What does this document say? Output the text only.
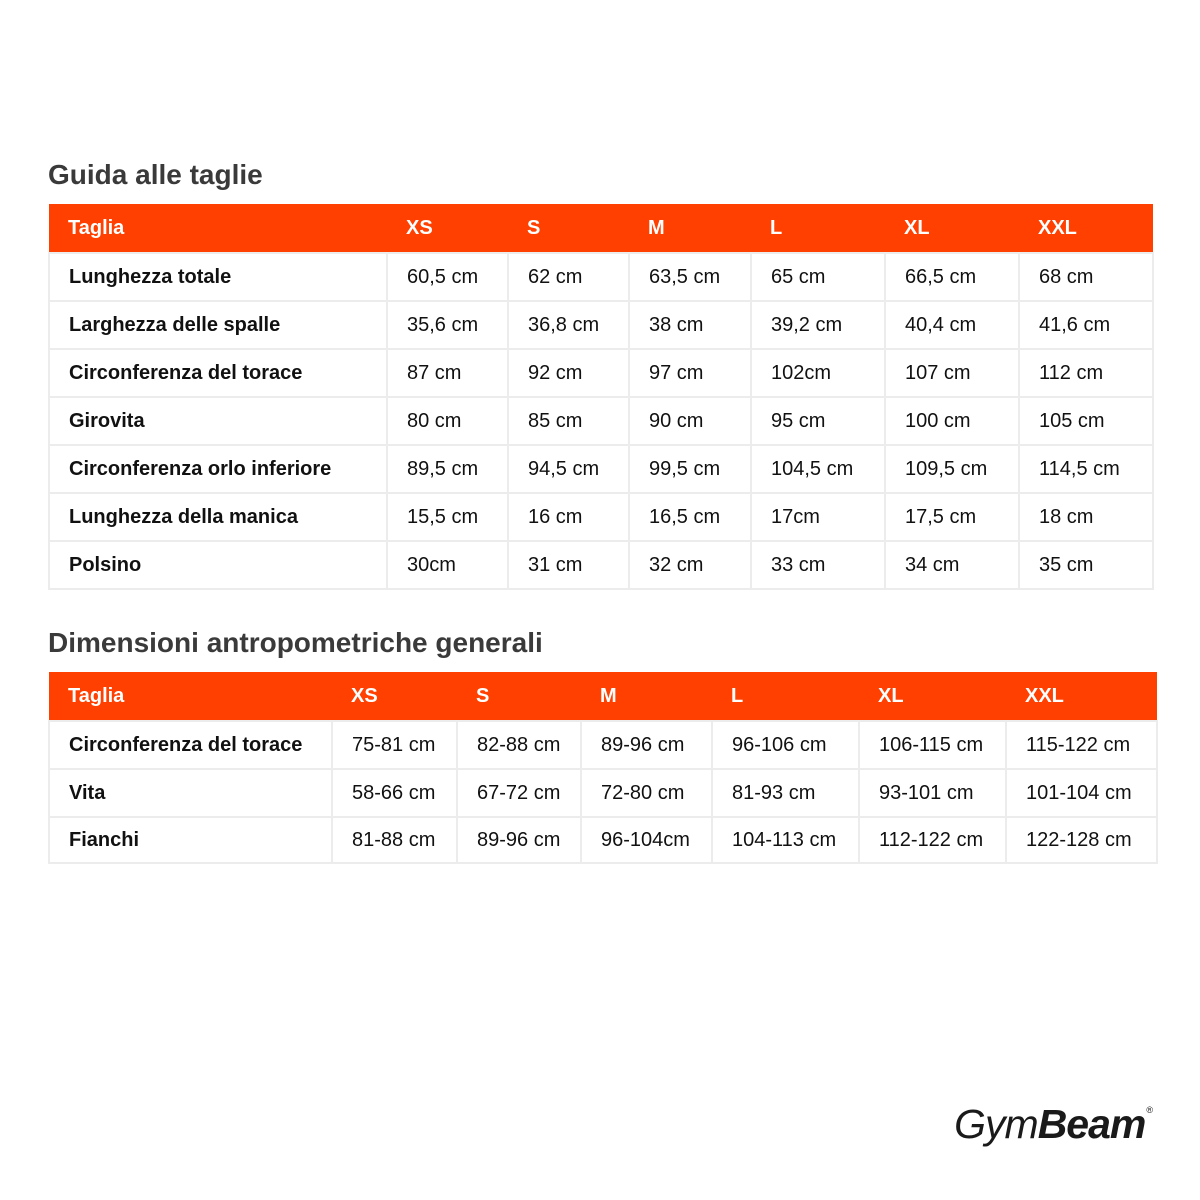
Guida alle taglie
Taglia	XS	S	M	L	XL	XXL
Lunghezza totale	60,5 cm	62 cm	63,5 cm	65 cm	66,5 cm	68 cm
Larghezza delle spalle	35,6 cm	36,8 cm	38 cm	39,2 cm	40,4 cm	41,6 cm
Circonferenza del torace	87 cm	92 cm	97 cm	102cm	107 cm	112 cm
Girovita	80 cm	85 cm	90 cm	95 cm	100 cm	105 cm
Circonferenza orlo inferiore	89,5 cm	94,5 cm	99,5 cm	104,5 cm	109,5 cm	114,5 cm
Lunghezza della manica	15,5 cm	16 cm	16,5 cm	17cm	17,5 cm	18 cm
Polsino	30cm	31 cm	32 cm	33 cm	34 cm	35 cm
Dimensioni antropometriche generali
Taglia	XS	S	M	L	XL	XXL
Circonferenza del torace	75-81 cm	82-88 cm	89-96 cm	96-106 cm	106-115 cm	115-122 cm
Vita	58-66 cm	67-72 cm	72-80 cm	81-93 cm	93-101 cm	101-104 cm
Fianchi	81-88 cm	89-96 cm	96-104cm	104-113 cm	112-122 cm	122-128 cm
GymBeam®
